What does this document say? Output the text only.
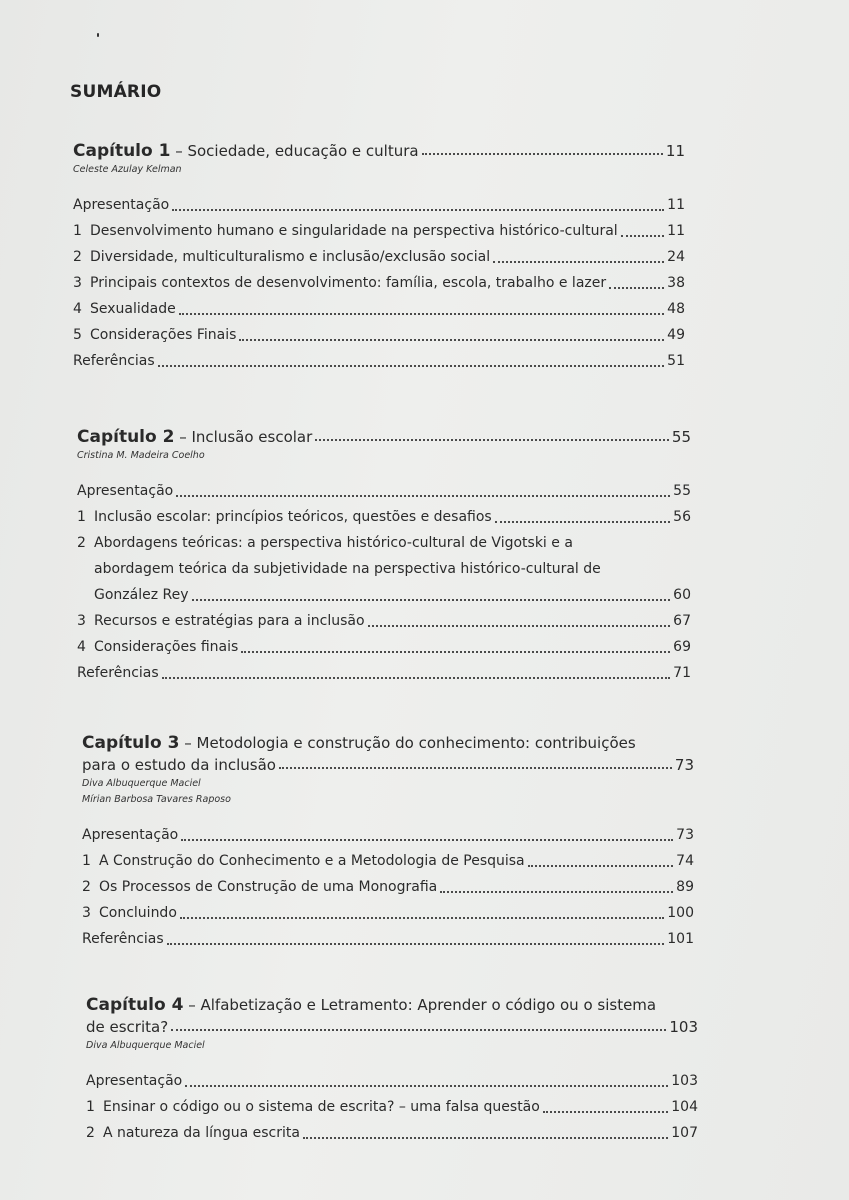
SUMÁRIO
Capítulo 1 – Sociedade, educação e cultura	11
Celeste Azulay Kelman
Apresentação	11
1 Desenvolvimento humano e singularidade na perspectiva histórico-cultural	11
2 Diversidade, multiculturalismo e inclusão/exclusão social	24
3 Principais contextos de desenvolvimento: família, escola, trabalho e lazer	38
4 Sexualidade	48
5 Considerações Finais	49
Referências	51
Capítulo 2 – Inclusão escolar	55
Cristina M. Madeira Coelho
Apresentação	55
1 Inclusão escolar: princípios teóricos, questões e desafios	56
2 Abordagens teóricas: a perspectiva histórico-cultural de Vigotski e a
abordagem teórica da subjetividade na perspectiva histórico-cultural de
González Rey	60
3 Recursos e estratégias para a inclusão	67
4 Considerações finais	69
Referências	71
Capítulo 3 – Metodologia e construção do conhecimento: contribuições
para o estudo da inclusão	73
Diva Albuquerque Maciel
Mírian Barbosa Tavares Raposo
Apresentação	73
1 A Construção do Conhecimento e a Metodologia de Pesquisa	74
2 Os Processos de Construção de uma Monografia	89
3 Concluindo	100
Referências	101
Capítulo 4 – Alfabetização e Letramento: Aprender o código ou o sistema
de escrita?	103
Diva Albuquerque Maciel
Apresentação	103
1 Ensinar o código ou o sistema de escrita? – uma falsa questão	104
2 A natureza da língua escrita	107
